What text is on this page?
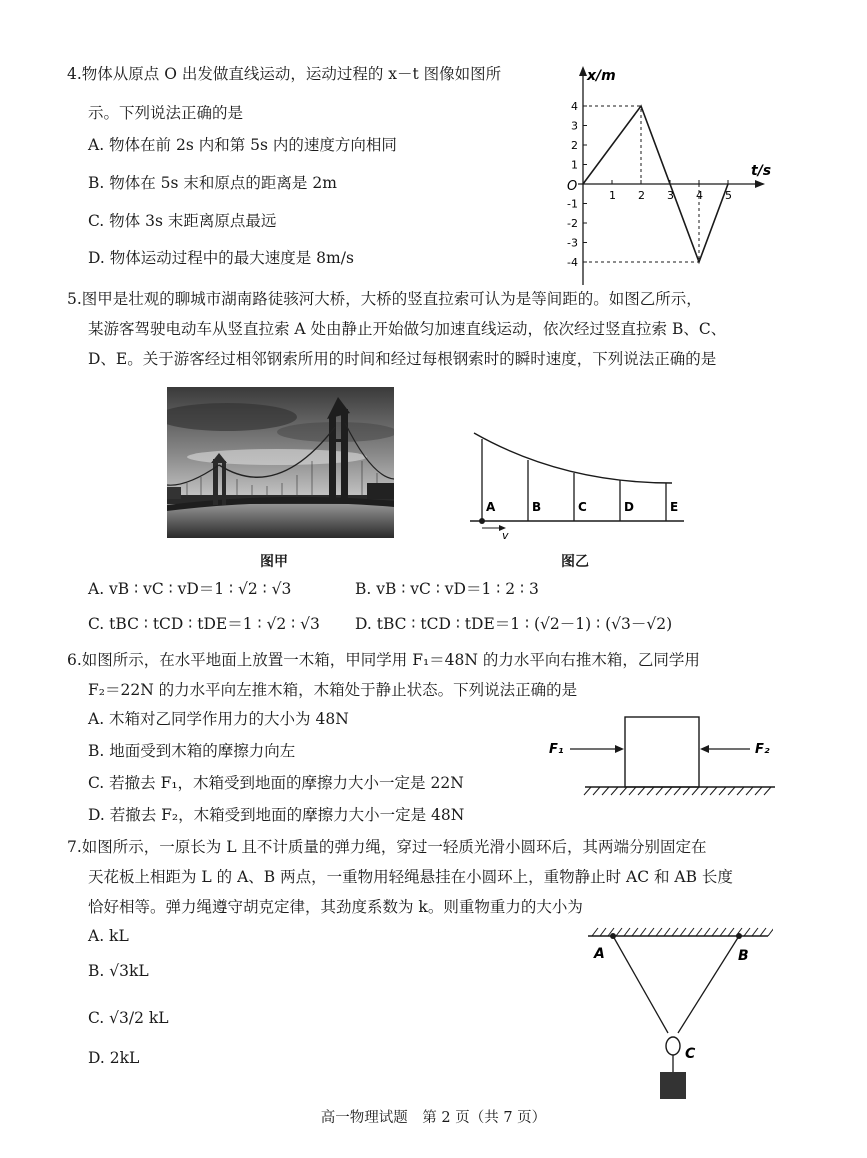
4.物体从原点 O 出发做直线运动，运动过程的 x－t 图像如图所
示。下列说法正确的是
A. 物体在前 2s 内和第 5s 内的速度方向相同
B. 物体在 5s 末和原点的距离是 2m
C. 物体 3s 末距离原点最远
D. 物体运动过程中的最大速度是 8m/s
x/m
t/s
O
1 2 3 4 5
4
3
2
1
-1
-2
-3
-4
5.图甲是壮观的聊城市湖南路徒骇河大桥，大桥的竖直拉索可认为是等间距的。如图乙所示，
某游客驾驶电动车从竖直拉索 A 处由静止开始做匀加速直线运动，依次经过竖直拉索 B、C、
D、E。关于游客经过相邻钢索所用的时间和经过每根钢索时的瞬时速度，下列说法正确的是
图甲
A	B	C	D	E
v
图乙
A. vB ∶ vC ∶ vD＝1 ∶ √2 ∶ √3	B. vB ∶ vC ∶ vD＝1 ∶ 2 ∶ 3
C. tBC ∶ tCD ∶ tDE＝1 ∶ √2 ∶ √3 D. tBC ∶ tCD ∶ tDE＝1 ∶ (√2－1) ∶ (√3－√2)
6.如图所示，在水平地面上放置一木箱，甲同学用 F₁＝48N 的力水平向右推木箱，乙同学用
F₂＝22N 的力水平向左推木箱，木箱处于静止状态。下列说法正确的是
A. 木箱对乙同学作用力的大小为 48N
B. 地面受到木箱的摩擦力向左
C. 若撤去 F₁，木箱受到地面的摩擦力大小一定是 22N
D. 若撤去 F₂，木箱受到地面的摩擦力大小一定是 48N
F₁	F₂
7.如图所示，一原长为 L 且不计质量的弹力绳，穿过一轻质光滑小圆环后，其两端分别固定在
天花板上相距为 L 的 A、B 两点，一重物用轻绳悬挂在小圆环上，重物静止时 AC 和 AB 长度
恰好相等。弹力绳遵守胡克定律，其劲度系数为 k。则重物重力的大小为
A. kL
B. √3kL
C. √3/2 kL
D. 2kL
A	B
C
高一物理试题　第 2 页（共 7 页）
